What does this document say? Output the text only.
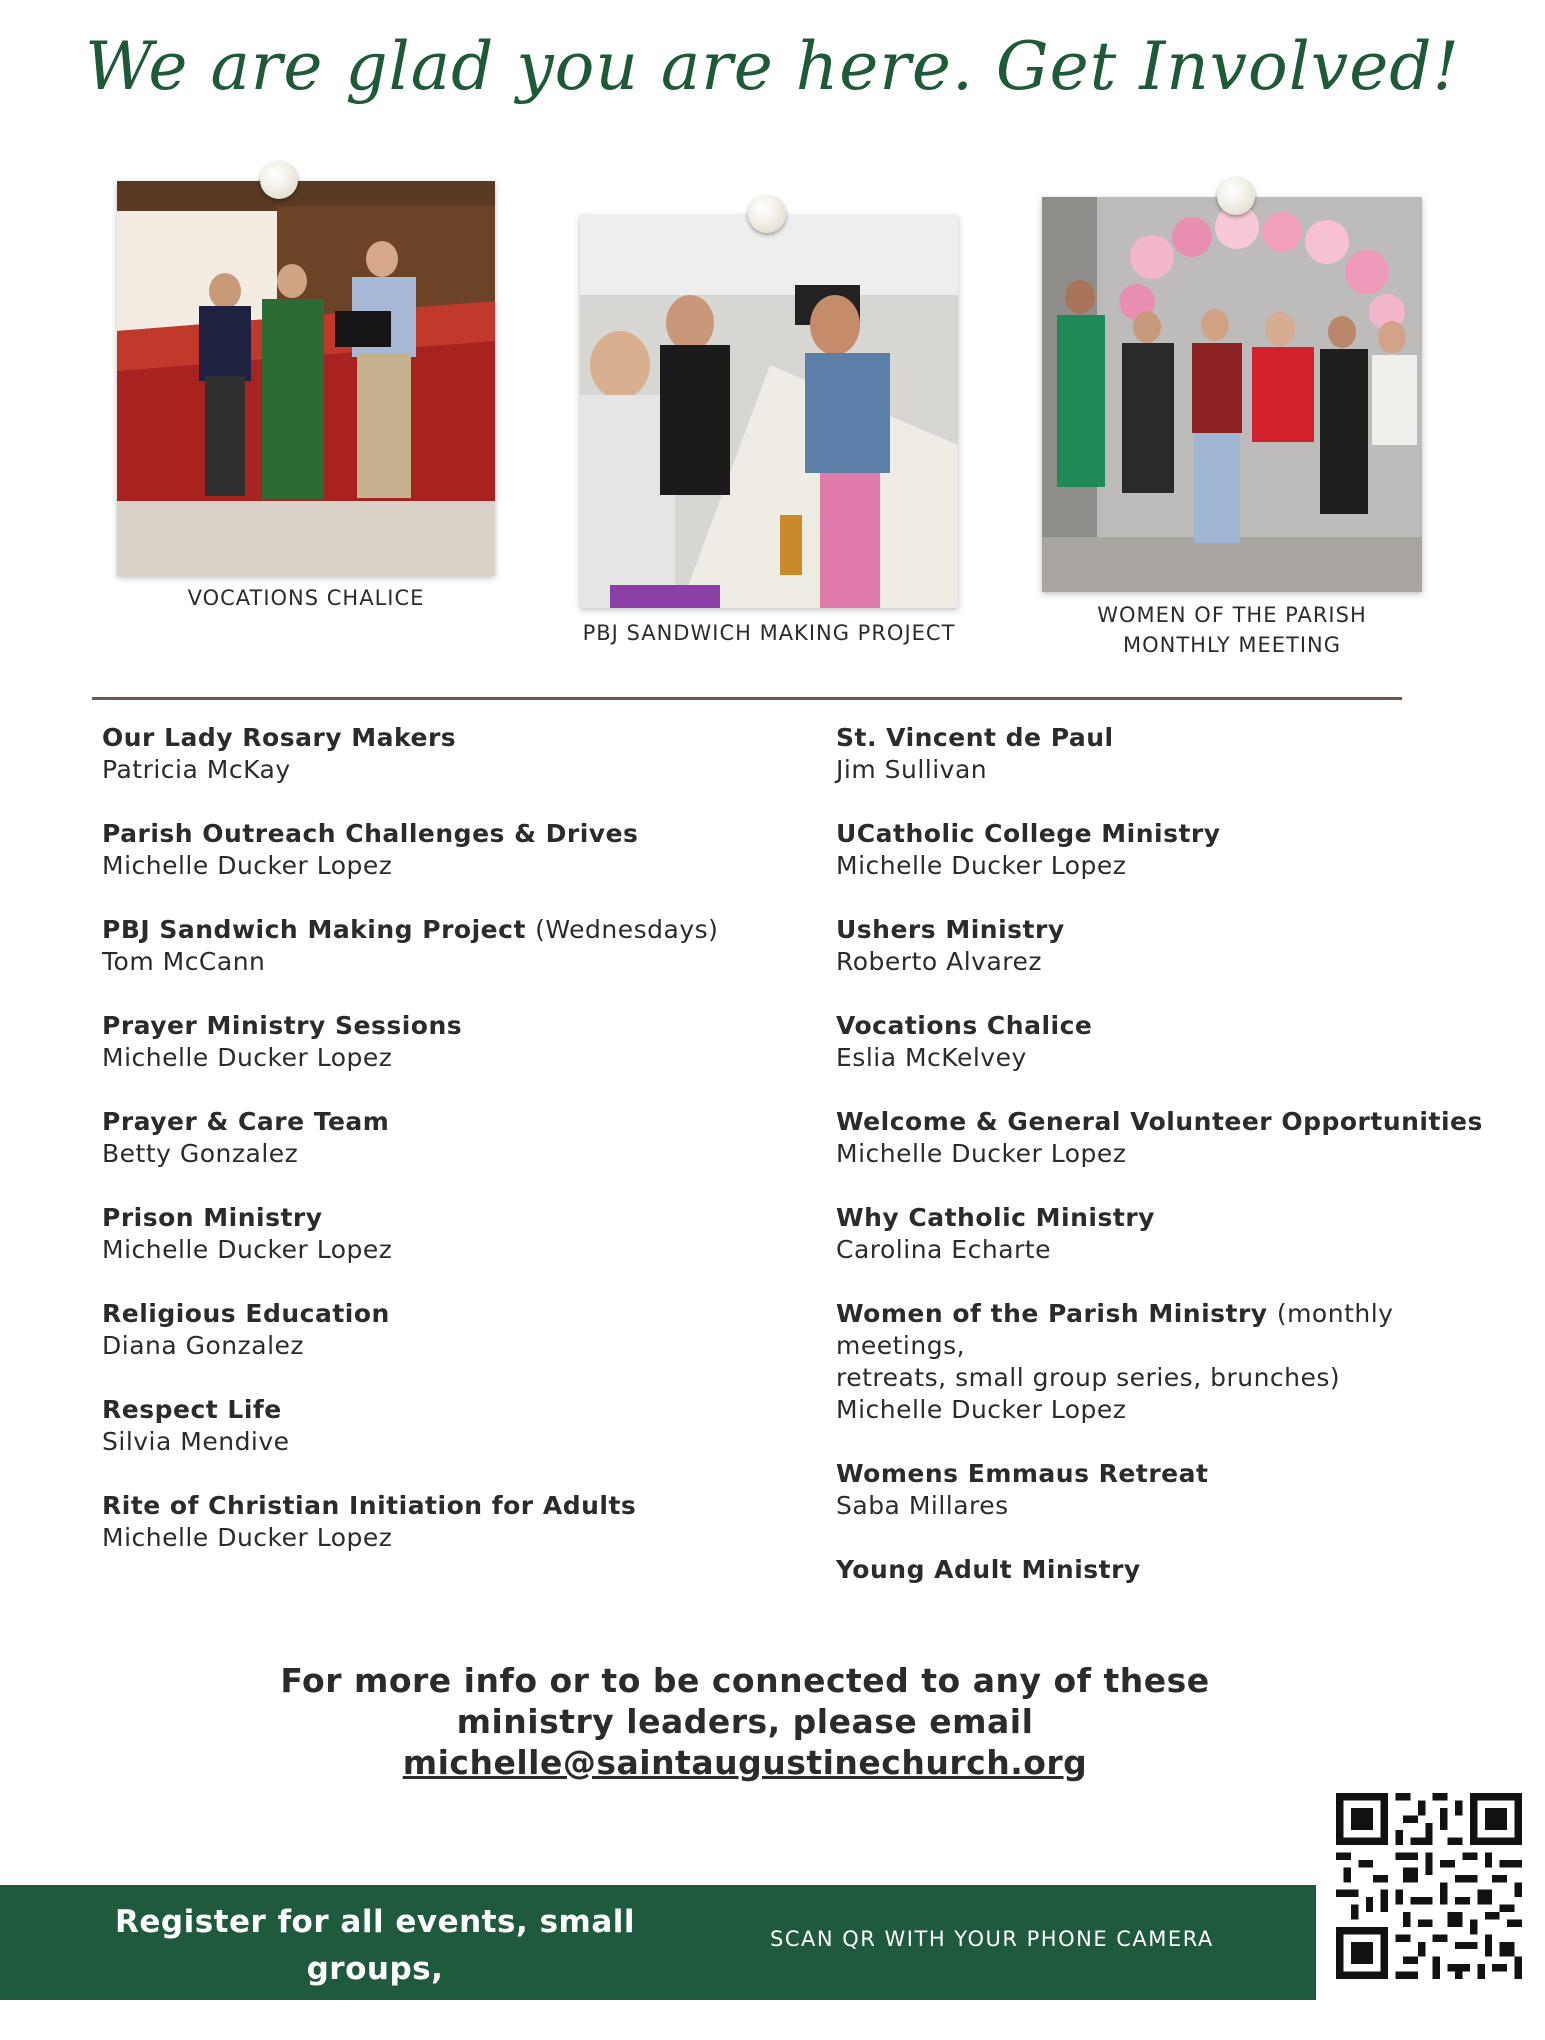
We are glad you are here. Get Involved!
VOCATIONS CHALICE
PBJ SANDWICH MAKING PROJECT
WOMEN OF THE PARISH
MONTHLY MEETING
Our Lady Rosary Makers
Patricia McKay
Parish Outreach Challenges & Drives
Michelle Ducker Lopez
PBJ Sandwich Making Project (Wednesdays)
Tom McCann
Prayer Ministry Sessions
Michelle Ducker Lopez
Prayer & Care Team
Betty Gonzalez
Prison Ministry
Michelle Ducker Lopez
Religious Education
Diana Gonzalez
Respect Life
Silvia Mendive
Rite of Christian Initiation for Adults
Michelle Ducker Lopez
St. Vincent de Paul
Jim Sullivan
UCatholic College Ministry
Michelle Ducker Lopez
Ushers Ministry
Roberto Alvarez
Vocations Chalice
Eslia McKelvey
Welcome & General Volunteer Opportunities
Michelle Ducker Lopez
Why Catholic Ministry
Carolina Echarte
Women of the Parish Ministry (monthly meetings,
retreats, small group series, brunches)
Michelle Ducker Lopez
Womens Emmaus Retreat
Saba Millares
Young Adult Ministry
For more info or to be connected to any of these
ministry leaders, please email
michelle@saintaugustinechurch.org
Register for all events, small groups,
online giving & email list here:
SCAN QR WITH YOUR PHONE CAMERA
